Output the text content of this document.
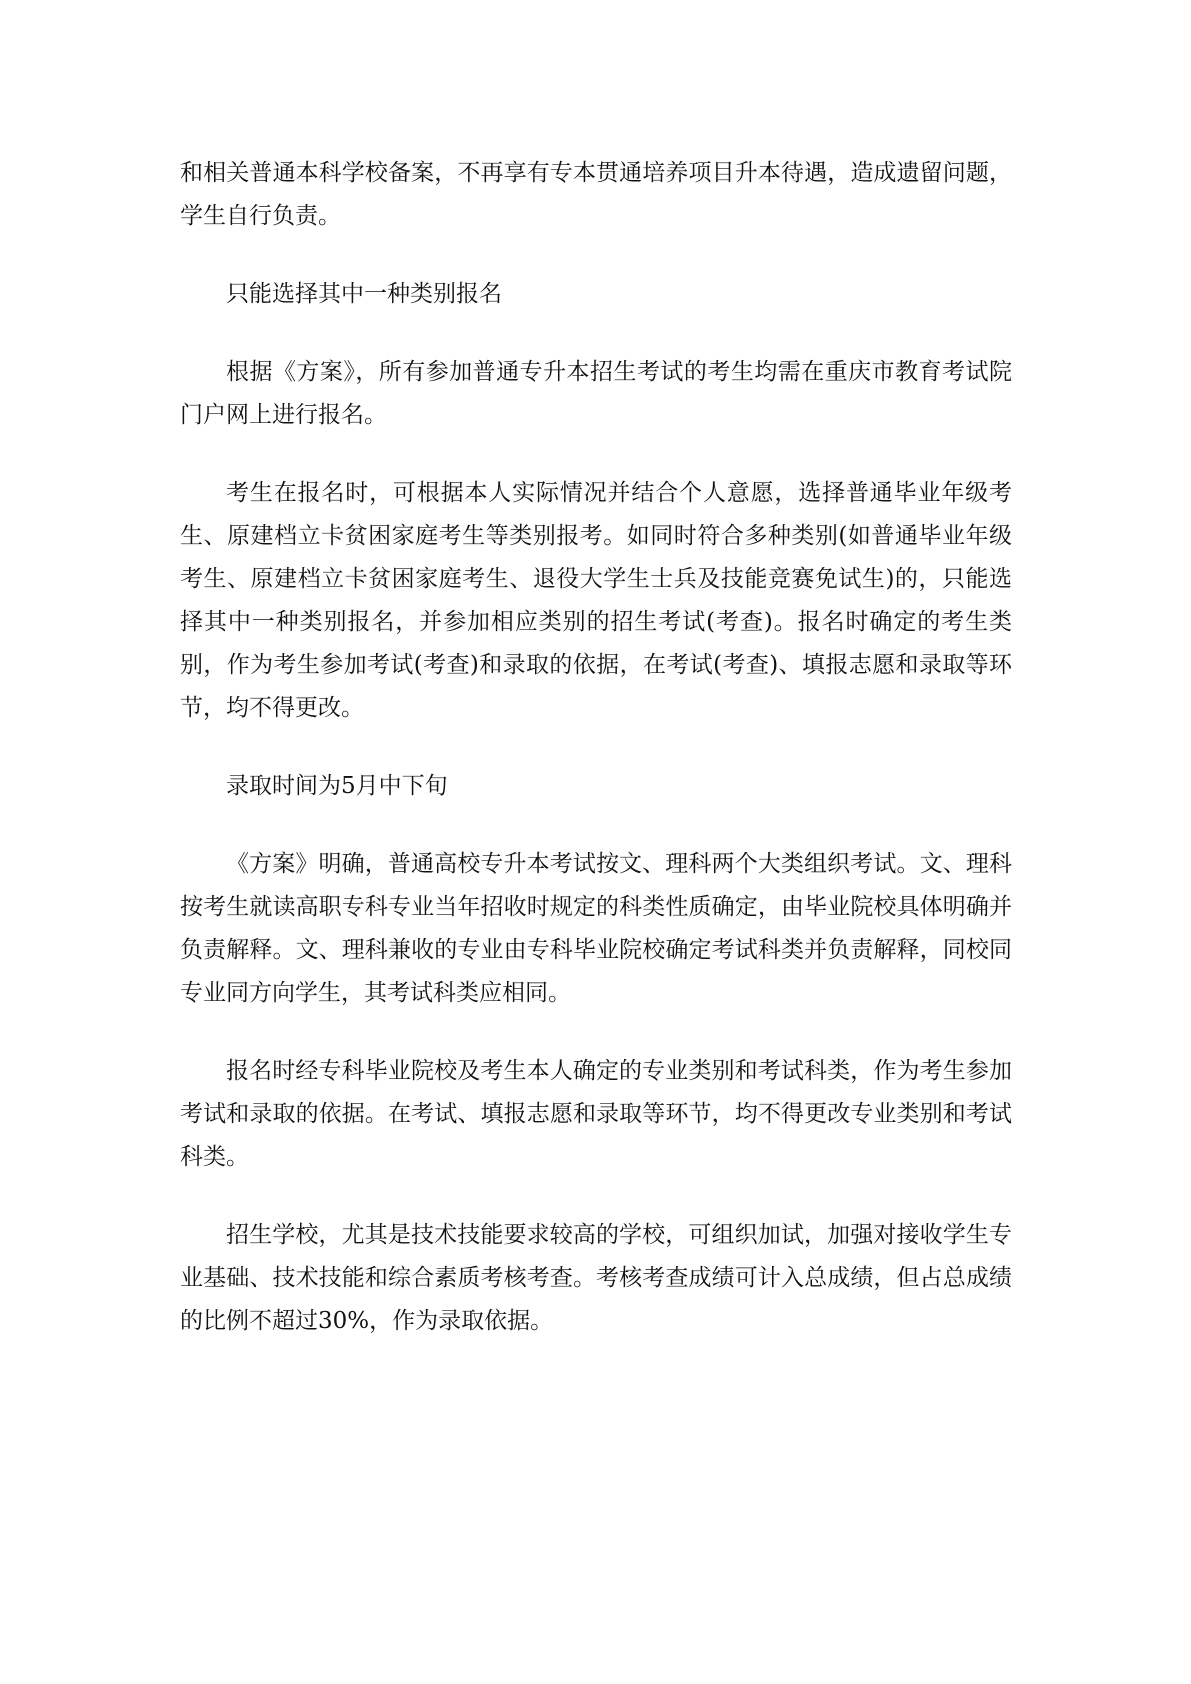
和相关普通本科学校备案，不再享有专本贯通培养项目升本待遇，造成遗留问题，学生自行负责。

只能选择其中一种类别报名

根据《方案》，所有参加普通专升本招生考试的考生均需在重庆市教育考试院门户网上进行报名。

考生在报名时，可根据本人实际情况并结合个人意愿，选择普通毕业年级考生、原建档立卡贫困家庭考生等类别报考。如同时符合多种类别(如普通毕业年级考生、原建档立卡贫困家庭考生、退役大学生士兵及技能竞赛免试生)的，只能选择其中一种类别报名，并参加相应类别的招生考试(考查)。报名时确定的考生类别，作为考生参加考试(考查)和录取的依据，在考试(考查)、填报志愿和录取等环节，均不得更改。

录取时间为5月中下旬

《方案》明确，普通高校专升本考试按文、理科两个大类组织考试。文、理科按考生就读高职专科专业当年招收时规定的科类性质确定，由毕业院校具体明确并负责解释。文、理科兼收的专业由专科毕业院校确定考试科类并负责解释，同校同专业同方向学生，其考试科类应相同。

报名时经专科毕业院校及考生本人确定的专业类别和考试科类，作为考生参加考试和录取的依据。在考试、填报志愿和录取等环节，均不得更改专业类别和考试科类。

招生学校，尤其是技术技能要求较高的学校，可组织加试，加强对接收学生专业基础、技术技能和综合素质考核考查。考核考查成绩可计入总成绩，但占总成绩的比例不超过30%，作为录取依据。
